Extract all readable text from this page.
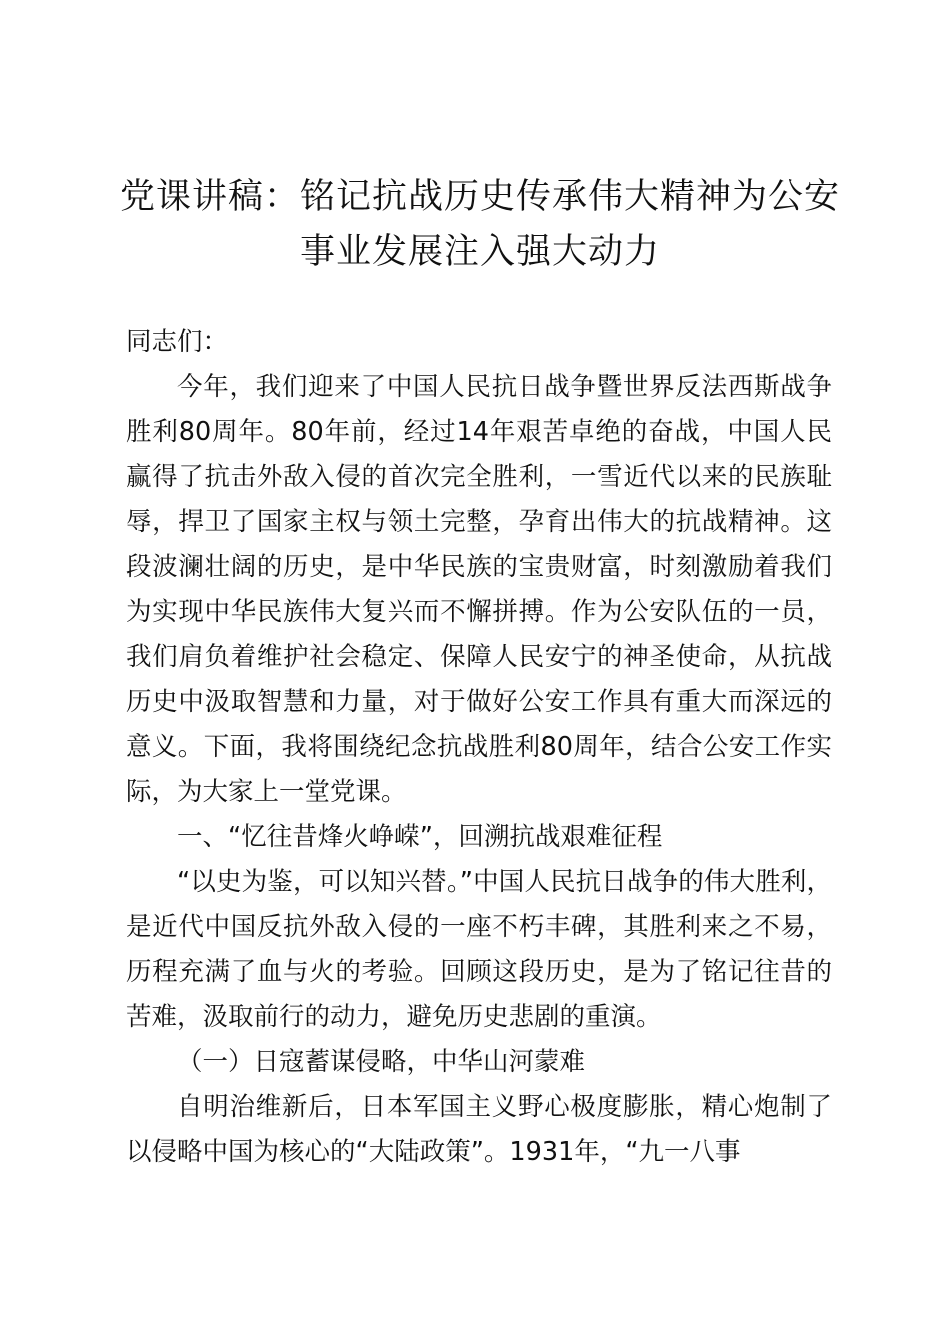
党课讲稿：铭记抗战历史传承伟大精神为公安事业发展注入强大动力

同志们：

今年，我们迎来了中国人民抗日战争暨世界反法西斯战争胜利80周年。80年前，经过14年艰苦卓绝的奋战，中国人民赢得了抗击外敌入侵的首次完全胜利，一雪近代以来的民族耻辱，捍卫了国家主权与领土完整，孕育出伟大的抗战精神。这段波澜壮阔的历史，是中华民族的宝贵财富，时刻激励着我们为实现中华民族伟大复兴而不懈拼搏。作为公安队伍的一员，我们肩负着维护社会稳定、保障人民安宁的神圣使命，从抗战历史中汲取智慧和力量，对于做好公安工作具有重大而深远的意义。下面，我将围绕纪念抗战胜利80周年，结合公安工作实际，为大家上一堂党课。

一、“忆往昔烽火峥嵘”，回溯抗战艰难征程

“以史为鉴，可以知兴替。”中国人民抗日战争的伟大胜利，是近代中国反抗外敌入侵的一座不朽丰碑，其胜利来之不易，历程充满了血与火的考验。回顾这段历史，是为了铭记往昔的苦难，汲取前行的动力，避免历史悲剧的重演。

（一）日寇蓄谋侵略，中华山河蒙难

自明治维新后，日本军国主义野心极度膨胀，精心炮制了以侵略中国为核心的“大陆政策”。1931年，“九一八事
